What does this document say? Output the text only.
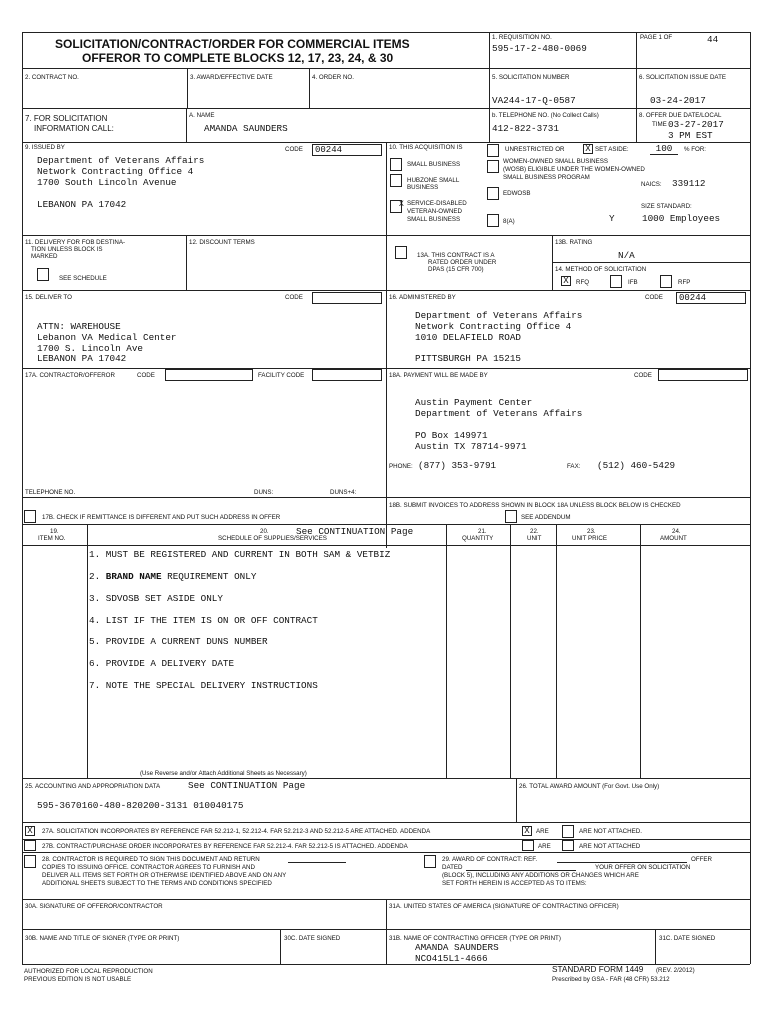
SOLICITATION/CONTRACT/ORDER FOR COMMERCIAL ITEMS
OFFEROR TO COMPLETE BLOCKS 12, 17, 23, 24, & 30
1. REQUISITION NO.
595-17-2-480-0069
PAGE 1 OF	44
2. CONTRACT NO.	3. AWARD/EFFECTIVE DATE	4. ORDER NO.	5. SOLICITATION NUMBER
VA244-17-Q-0587
6. SOLICITATION ISSUE DATE
03-24-2017
7. FOR SOLICITATION
INFORMATION CALL:
A. NAME
AMANDA SAUNDERS
b. TELEPHONE NO. (No Collect Calls)
412-822-3731
8. OFFER DUE DATE/LOCAL
TIME 03-27-2017
3 PM EST
9. ISSUED BY	CODE	00244
Department of Veterans Affairs
Network Contracting Office 4
1700 South Lincoln Avenue
LEBANON PA 17042
10. THIS ACQUISITION IS	UNRESTRICTED OR X SET ASIDE:	100	% FOR:
SMALL BUSINESS
HUBZONE SMALL
BUSINESS
X SERVICE-DISABLED
VETERAN-OWNED
SMALL BUSINESS
WOMEN-OWNED SMALL BUSINESS
(WOSB) ELIGIBLE UNDER THE WOMEN-OWNED
SMALL BUSINESS PROGRAM
EDWOSB
8(A)	Y
NAICS: 339112
SIZE STANDARD:
1000 Employees
11. DELIVERY FOR FOB DESTINA-
TION UNLESS BLOCK IS
MARKED
SEE SCHEDULE
12. DISCOUNT TERMS
13A. THIS CONTRACT IS A
RATED ORDER UNDER
DPAS (15 CFR 700)
13B. RATING
N/A
14. METHOD OF SOLICITATION
X	RFQ	IFB	RFP
15. DELIVER TO	CODE
ATTN: WAREHOUSE
Lebanon VA Medical Center
1700 S. Lincoln Ave
LEBANON PA 17042
16. ADMINISTERED BY	CODE	00244
Department of Veterans Affairs
Network Contracting Office 4
1010 DELAFIELD ROAD
PITTSBURGH PA 15215
17A. CONTRACTOR/OFFEROR	CODE	FACILITY CODE
TELEPHONE NO.	DUNS:	DUNS+4:
17B. CHECK IF REMITTANCE IS DIFFERENT AND PUT SUCH ADDRESS IN OFFER
18A. PAYMENT WILL BE MADE BY	CODE
Austin Payment Center
Department of Veterans Affairs
PO Box 149971
Austin TX 78714-9971
PHONE: (877) 353-9791	FAX: (512) 460-5429
18B. SUBMIT INVOICES TO ADDRESS SHOWN IN BLOCK 18A UNLESS BLOCK BELOW IS CHECKED
SEE ADDENDUM
19.
ITEM NO.
20.
SCHEDULE OF SUPPLIES/SERVICES
See CONTINUATION Page	21.
QUANTITY
22.
UNIT
23.
UNIT PRICE
24.
AMOUNT
1. MUST BE REGISTERED AND CURRENT IN BOTH SAM & VETBIZ
2. BRAND NAME REQUIREMENT ONLY
3. SDVOSB SET ASIDE ONLY
4. LIST IF THE ITEM IS ON OR OFF CONTRACT
5. PROVIDE A CURRENT DUNS NUMBER
6. PROVIDE A DELIVERY DATE
7. NOTE THE SPECIAL DELIVERY INSTRUCTIONS
(Use Reverse and/or Attach Additional Sheets as Necessary)
25. ACCOUNTING AND APPROPRIATION DATA	See CONTINUATION Page
595-3670160-480-820200-3131 010040175
26. TOTAL AWARD AMOUNT (For Govt. Use Only)
X	27A. SOLICITATION INCORPORATES BY REFERENCE FAR 52.212-1, 52.212-4. FAR 52.212-3 AND 52.212-5 ARE ATTACHED. ADDENDA	X	ARE	ARE NOT ATTACHED.
27B. CONTRACT/PURCHASE ORDER INCORPORATES BY REFERENCE FAR 52.212-4. FAR 52.212-5 IS ATTACHED. ADDENDA	ARE	ARE NOT ATTACHED
28. CONTRACTOR IS REQUIRED TO SIGN THIS DOCUMENT AND RETURN
COPIES TO ISSUING OFFICE. CONTRACTOR AGREES TO FURNISH AND
DELIVER ALL ITEMS SET FORTH OR OTHERWISE IDENTIFIED ABOVE AND ON ANY
ADDITIONAL SHEETS SUBJECT TO THE TERMS AND CONDITIONS SPECIFIED
29. AWARD OF CONTRACT: REF.	OFFER
DATED	YOUR OFFER ON SOLICITATION
(BLOCK 5), INCLUDING ANY ADDITIONS OR CHANGES WHICH ARE
SET FORTH HEREIN IS ACCEPTED AS TO ITEMS:
30A. SIGNATURE OF OFFEROR/CONTRACTOR	31A. UNITED STATES OF AMERICA (SIGNATURE OF CONTRACTING OFFICER)
30B. NAME AND TITLE OF SIGNER (TYPE OR PRINT)	30C. DATE SIGNED	31B. NAME OF CONTRACTING OFFICER (TYPE OR PRINT)
AMANDA SAUNDERS
NCO415L1-4666
31C. DATE SIGNED
AUTHORIZED FOR LOCAL REPRODUCTION
PREVIOUS EDITION IS NOT USABLE
STANDARD FORM 1449 (REV. 2/2012)
Prescribed by GSA - FAR (48 CFR) 53.212
